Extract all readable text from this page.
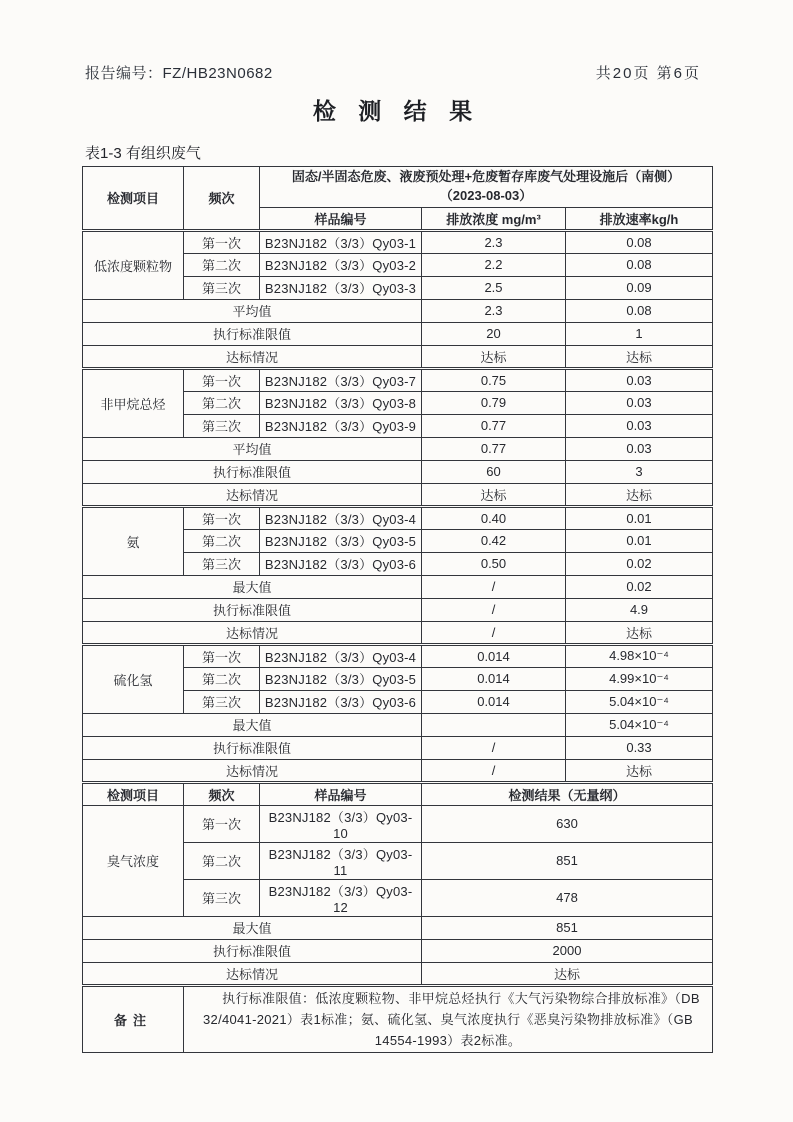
报告编号：FZ/HB23N0682	共20页 第6页
检 测 结 果
表1-3 有组织废气
检测项目	频次	固态/半固态危废、液废预处理+危废暂存库废气处理设施后（南侧）
（2023-08-03）		

		样品编号	排放浓度 mg/m³	排放速率kg/h
低浓度颗粒物	第一次	B23NJ182（3/3）Qy03-1	2.3	0.08
	第二次	B23NJ182（3/3）Qy03-2	2.2	0.08
	第三次	B23NJ182（3/3）Qy03-3	2.5	0.09
平均值			2.3	0.08
执行标准限值			20	1
达标情况			达标	达标
非甲烷总烃	第一次	B23NJ182（3/3）Qy03-7	0.75	0.03
	第二次	B23NJ182（3/3）Qy03-8	0.79	0.03
	第三次	B23NJ182（3/3）Qy03-9	0.77	0.03
平均值			0.77	0.03
执行标准限值			60	3
达标情况			达标	达标
氨	第一次	B23NJ182（3/3）Qy03-4	0.40	0.01
	第二次	B23NJ182（3/3）Qy03-5	0.42	0.01
	第三次	B23NJ182（3/3）Qy03-6	0.50	0.02
最大值			/	0.02
执行标准限值			/	4.9
达标情况			/	达标
硫化氢	第一次	B23NJ182（3/3）Qy03-4	0.014	4.98×10⁻⁴
	第二次	B23NJ182（3/3）Qy03-5	0.014	4.99×10⁻⁴
	第三次	B23NJ182（3/3）Qy03-6	0.014	5.04×10⁻⁴
最大值				5.04×10⁻⁴
执行标准限值			/	0.33
达标情况			/	达标
检测项目	频次	样品编号	检测结果（无量纲）	
臭气浓度	第一次	B23NJ182（3/3）Qy03-10	630	
	第二次	B23NJ182（3/3）Qy03-11	851	
	第三次	B23NJ182（3/3）Qy03-12	478	
最大值			851	
执行标准限值			2000	
达标情况			达标	
备注	执行标准限值：低浓度颗粒物、非甲烷总烃执行《大气污染物综合排放标准》（DB 32/4041-2021）表1标准；氨、硫化氢、臭气浓度执行《恶臭污染物排放标准》（GB 14554-1993）表2标准。			
